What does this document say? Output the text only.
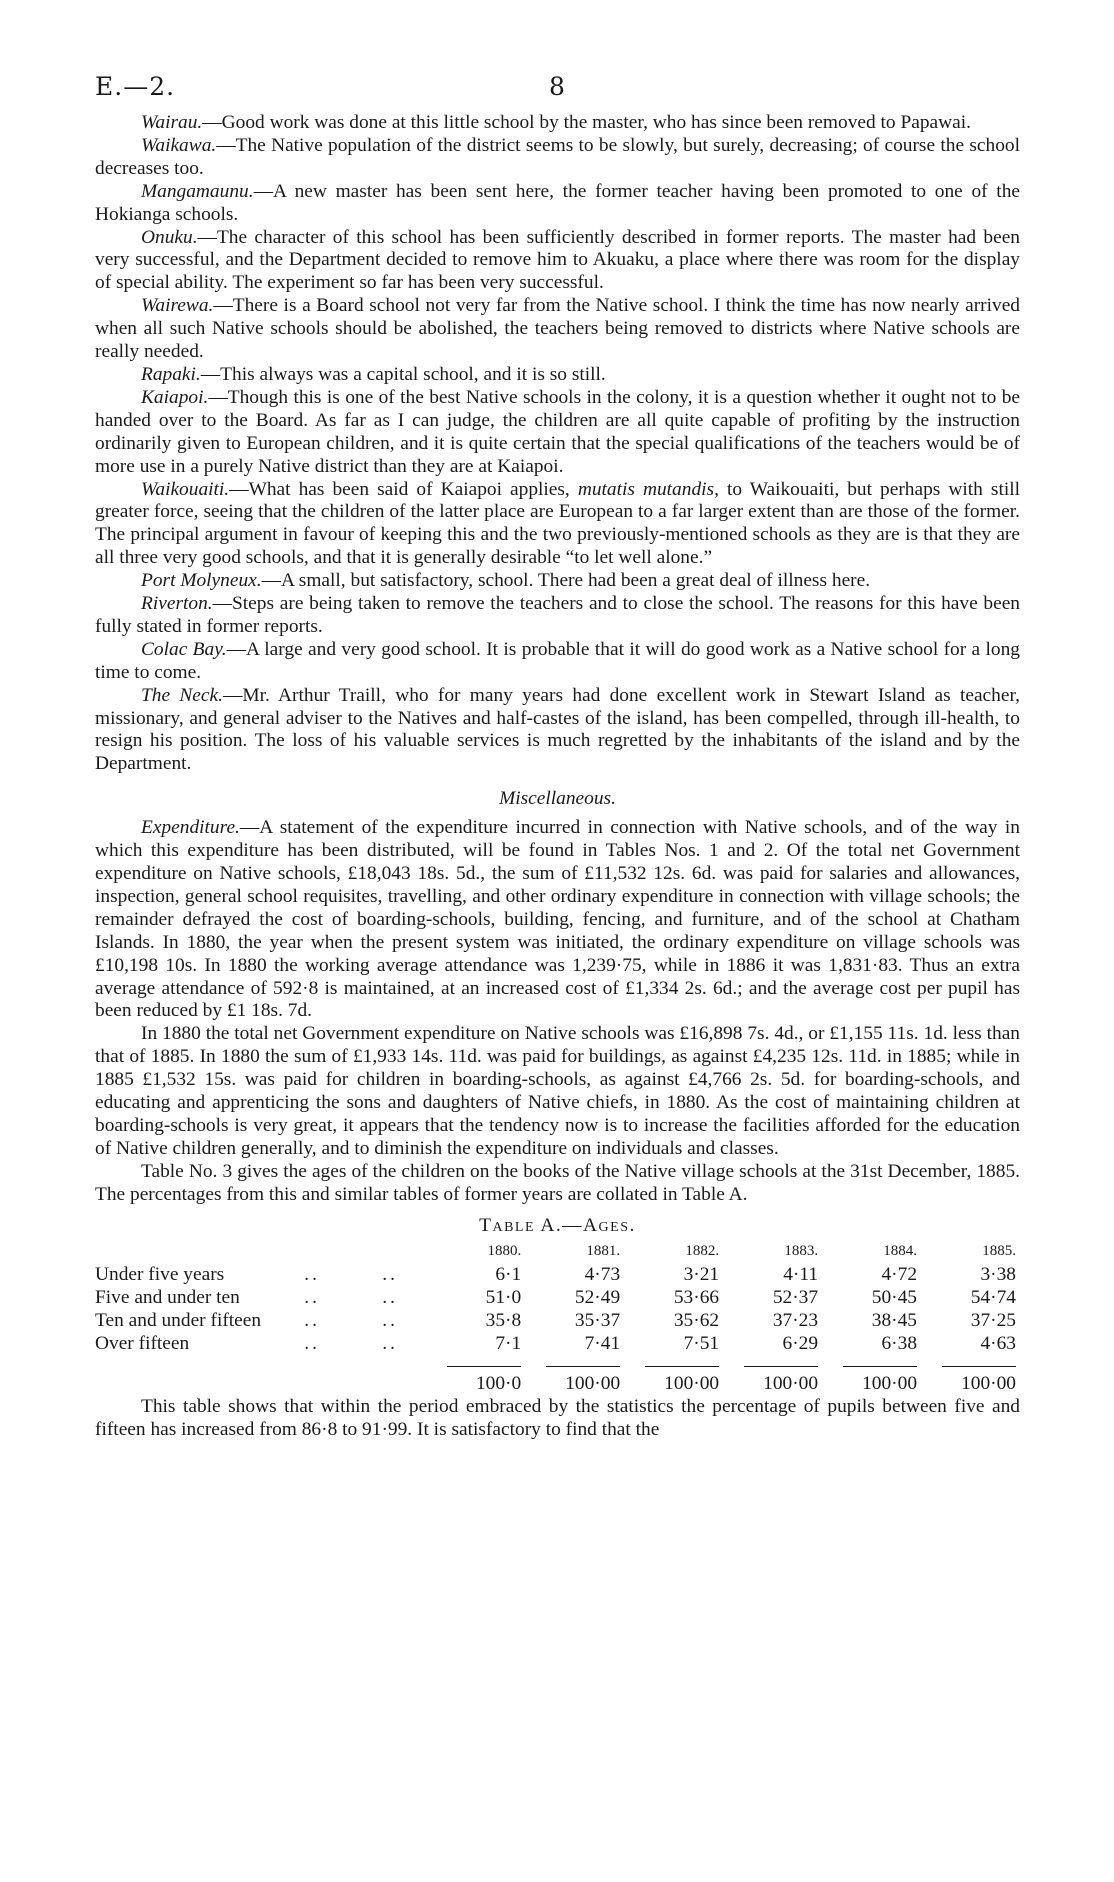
E.—2.	8

Wairau.—Good work was done at this little school by the master, who has since been removed to Papawai.

Waikawa.—The Native population of the district seems to be slowly, but surely, decreasing; of course the school decreases too.

Mangamaunu.—A new master has been sent here, the former teacher having been promoted to one of the Hokianga schools.

Onuku.—The character of this school has been sufficiently described in former reports. The master had been very successful, and the Department decided to remove him to Akuaku, a place where there was room for the display of special ability. The experiment so far has been very successful.

Wairewa.—There is a Board school not very far from the Native school. I think the time has now nearly arrived when all such Native schools should be abolished, the teachers being removed to districts where Native schools are really needed.

Rapaki.—This always was a capital school, and it is so still.

Kaiapoi.—Though this is one of the best Native schools in the colony, it is a question whether it ought not to be handed over to the Board. As far as I can judge, the children are all quite capable of profiting by the instruction ordinarily given to European children, and it is quite certain that the special qualifications of the teachers would be of more use in a purely Native district than they are at Kaiapoi.

Waikouaiti.—What has been said of Kaiapoi applies, mutatis mutandis, to Waikouaiti, but perhaps with still greater force, seeing that the children of the latter place are European to a far larger extent than are those of the former. The principal argument in favour of keeping this and the two previously-mentioned schools as they are is that they are all three very good schools, and that it is generally desirable “to let well alone.”

Port Molyneux.—A small, but satisfactory, school. There had been a great deal of illness here.

Riverton.—Steps are being taken to remove the teachers and to close the school. The reasons for this have been fully stated in former reports.

Colac Bay.—A large and very good school. It is probable that it will do good work as a Native school for a long time to come.

The Neck.—Mr. Arthur Traill, who for many years had done excellent work in Stewart Island as teacher, missionary, and general adviser to the Natives and half-castes of the island, has been compelled, through ill-health, to resign his position. The loss of his valuable services is much regretted by the inhabitants of the island and by the Department.

Miscellaneous.

Expenditure.—A statement of the expenditure incurred in connection with Native schools, and of the way in which this expenditure has been distributed, will be found in Tables Nos. 1 and 2. Of the total net Government expenditure on Native schools, £18,043 18s. 5d., the sum of £11,532 12s. 6d. was paid for salaries and allowances, inspection, general school requisites, travelling, and other ordinary expenditure in connection with village schools; the remainder defrayed the cost of boarding-schools, building, fencing, and furniture, and of the school at Chatham Islands. In 1880, the year when the present system was initiated, the ordinary expenditure on village schools was £10,198 10s. In 1880 the working average attendance was 1,239·75, while in 1886 it was 1,831·83. Thus an extra average attendance of 592·8 is maintained, at an increased cost of £1,334 2s. 6d.; and the average cost per pupil has been reduced by £1 18s. 7d.

In 1880 the total net Government expenditure on Native schools was £16,898 7s. 4d., or £1,155 11s. 1d. less than that of 1885. In 1880 the sum of £1,933 14s. 11d. was paid for buildings, as against £4,235 12s. 11d. in 1885; while in 1885 £1,532 15s. was paid for children in boarding-schools, as against £4,766 2s. 5d. for boarding-schools, and educating and apprenticing the sons and daughters of Native chiefs, in 1880. As the cost of maintaining children at boarding-schools is very great, it appears that the tendency now is to increase the facilities afforded for the education of Native children generally, and to diminish the expenditure on individuals and classes.

Table No. 3 gives the ages of the children on the books of the Native village schools at the 31st December, 1885. The percentages from this and similar tables of former years are collated in Table A.

Table A.—Ages.
			1880.	1881.	1882.	1883.	1884.	1885.
Under five years	..	..	6·1	4·73	3·21	4·11	4·72	3·38
Five and under ten	..	..	51·0	52·49	53·66	52·37	50·45	54·74
Ten and under fifteen	..	..	35·8	35·37	35·62	37·23	38·45	37·25
Over fifteen	..	..	7·1	7·41	7·51	6·29	6·38	4·63
			100·0	100·00	100·00	100·00	100·00	100·00

This table shows that within the period embraced by the statistics the percentage of pupils between five and fifteen has increased from 86·8 to 91·99. It is satisfactory to find that the
